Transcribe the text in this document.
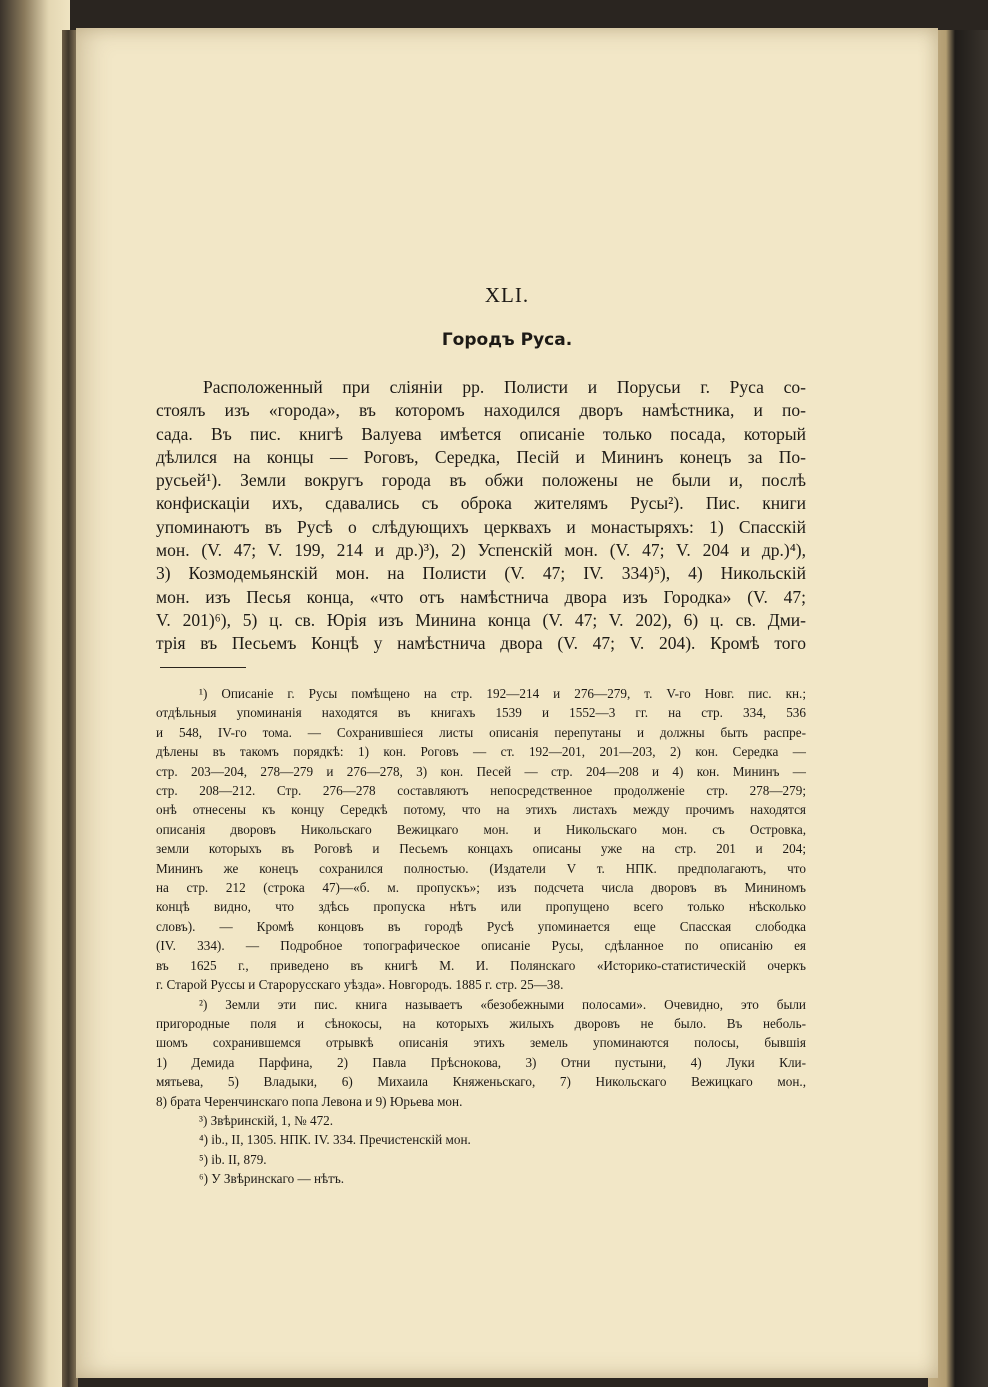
XLI.
Городъ Руса.
Расположенный при сліяніи рр. Полисти и Порусьи г. Руса со-
стоялъ изъ «города», въ которомъ находился дворъ намѣстника, и по-
сада. Въ пис. книгѣ Валуева имѣется описаніе только посада, который
дѣлился на концы — Роговъ, Середка, Песій и Мининъ конецъ за По-
русьей¹). Земли вокругъ города въ обжи положены не были и, послѣ
конфискаціи ихъ, сдавались съ оброка жителямъ Русы²). Пис. книги
упоминаютъ въ Русѣ о слѣдующихъ церквахъ и монастыряхъ: 1) Спасскій
мон. (V. 47; V. 199, 214 и др.)³), 2) Успенскій мон. (V. 47; V. 204 и др.)⁴),
3) Козмодемьянскій мон. на Полисти (V. 47; IV. 334)⁵), 4) Никольскій
мон. изъ Песья конца, «что отъ намѣстнича двора изъ Городка» (V. 47;
V. 201)⁶), 5) ц. св. Юрія изъ Минина конца (V. 47; V. 202), 6) ц. св. Дми-
трія въ Песьемъ Концѣ у намѣстнича двора (V. 47; V. 204). Кромѣ того
¹) Описаніе г. Русы помѣщено на стр. 192—214 и 276—279, т. V-го Новг. пис. кн.;
отдѣльныя упоминанія находятся въ книгахъ 1539 и 1552—3 гг. на стр. 334, 536
и 548, IV-го тома. — Сохранившіеся листы описанія перепутаны и должны быть распре-
дѣлены въ такомъ порядкѣ: 1) кон. Роговъ — ст. 192—201, 201—203, 2) кон. Середка —
стр. 203—204, 278—279 и 276—278, 3) кон. Песей — стр. 204—208 и 4) кон. Мининъ —
стр. 208—212. Стр. 276—278 составляютъ непосредственное продолженіе стр. 278—279;
онѣ отнесены къ концу Середкѣ потому, что на этихъ листахъ между прочимъ находятся
описанія дворовъ Никольскаго Вежицкаго мон. и Никольскаго мон. съ Островка,
земли которыхъ въ Роговѣ и Песьемъ концахъ описаны уже на стр. 201 и 204;
Мининъ же конецъ сохранился полностью. (Издатели V т. НПК. предполагаютъ, что
на стр. 212 (строка 47)—«б. м. пропускъ»; изъ подсчета числа дворовъ въ Мининомъ
концѣ видно, что здѣсь пропуска нѣтъ или пропущено всего только нѣсколько
словъ). — Кромѣ концовъ въ городѣ Русѣ упоминается еще Спасская слободка
(IV. 334). — Подробное топографическое описаніе Русы, сдѣланное по описанію ея
въ 1625 г., приведено въ книгѣ М. И. Полянскаго «Историко-статистическій очеркъ
г. Старой Руссы и Старорусскаго уѣзда». Новгородъ. 1885 г. стр. 25—38.
²) Земли эти пис. книга называетъ «безобежными полосами». Очевидно, это были
пригородные поля и сѣнокосы, на которыхъ жилыхъ дворовъ не было. Въ неболь-
шомъ сохранившемся отрывкѣ описанія этихъ земель упоминаются полосы, бывшія
1) Демида Парфина, 2) Павла Прѣснокова, 3) Отни пустыни, 4) Луки Кли-
мятьева, 5) Владыки, 6) Михаила Княженьскаго, 7) Никольскаго Вежицкаго мон.,
8) брата Черенчинскаго попа Левона и 9) Юрьева мон.
³) Звѣринскій, 1, № 472.
⁴) ib., II, 1305. НПК. IV. 334. Пречистенскій мон.
⁵) ib. II, 879.
⁶) У Звѣринскаго — нѣтъ.
